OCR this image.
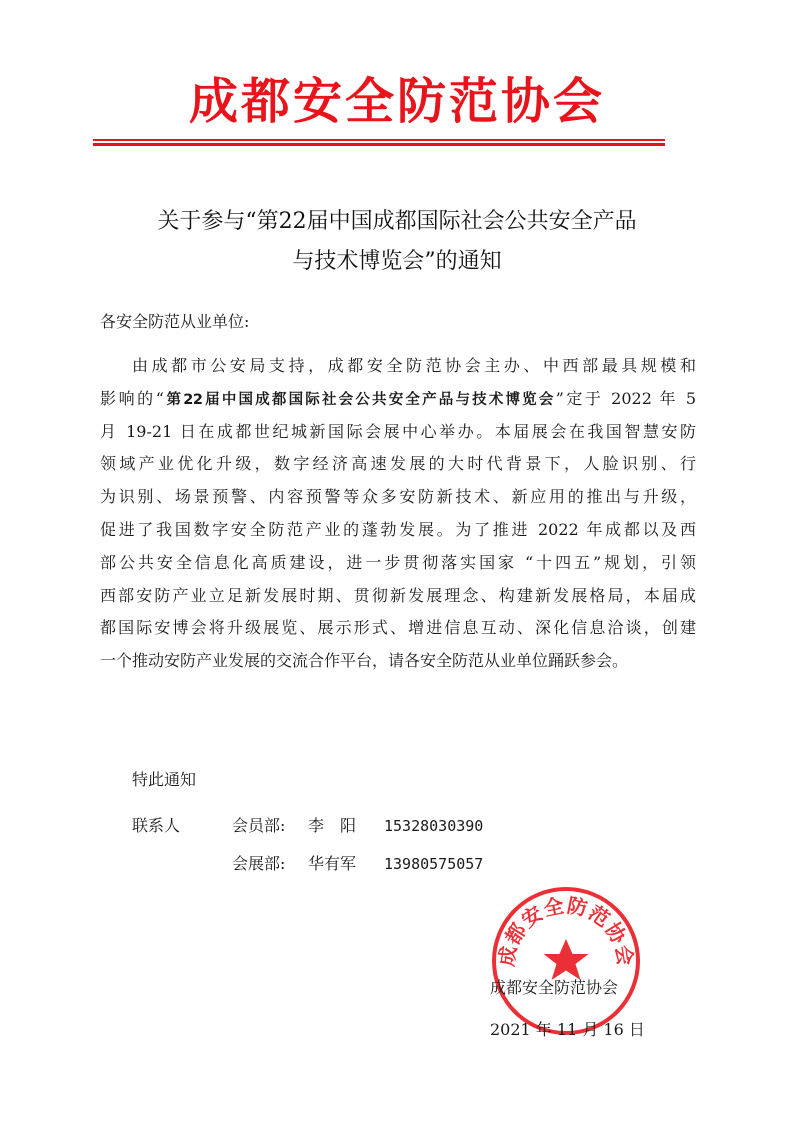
成都安全防范协会
关于参与“第22届中国成都国际社会公共安全产品
与技术博览会”的通知
各安全防范从业单位:
由成都市公安局支持，成都安全防范协会主办、中西部最具规模和
影响的“第22届中国成都国际社会公共安全产品与技术博览会”定于 2022 年 5
月 19-21 日在成都世纪城新国际会展中心举办。本届展会在我国智慧安防
领域产业优化升级，数字经济高速发展的大时代背景下，人脸识别、行
为识别、场景预警、内容预警等众多安防新技术、新应用的推出与升级，
促进了我国数字安全防范产业的蓬勃发展。为了推进 2022 年成都以及西
部公共安全信息化高质建设，进一步贯彻落实国家 “十四五”规划，引领
西部安防产业立足新发展时期、贯彻新发展理念、构建新发展格局，本届成
都国际安博会将升级展览、展示形式、增进信息互动、深化信息洽谈，创建
一个推动安防产业发展的交流合作平台，请各安全防范从业单位踊跃参会。
特此通知
联系人	会员部: 李　阳 15328030390
会展部: 华有军 13980575057
成都安全防范协会
成都安全防范协会
2021 年 11 月 16 日
